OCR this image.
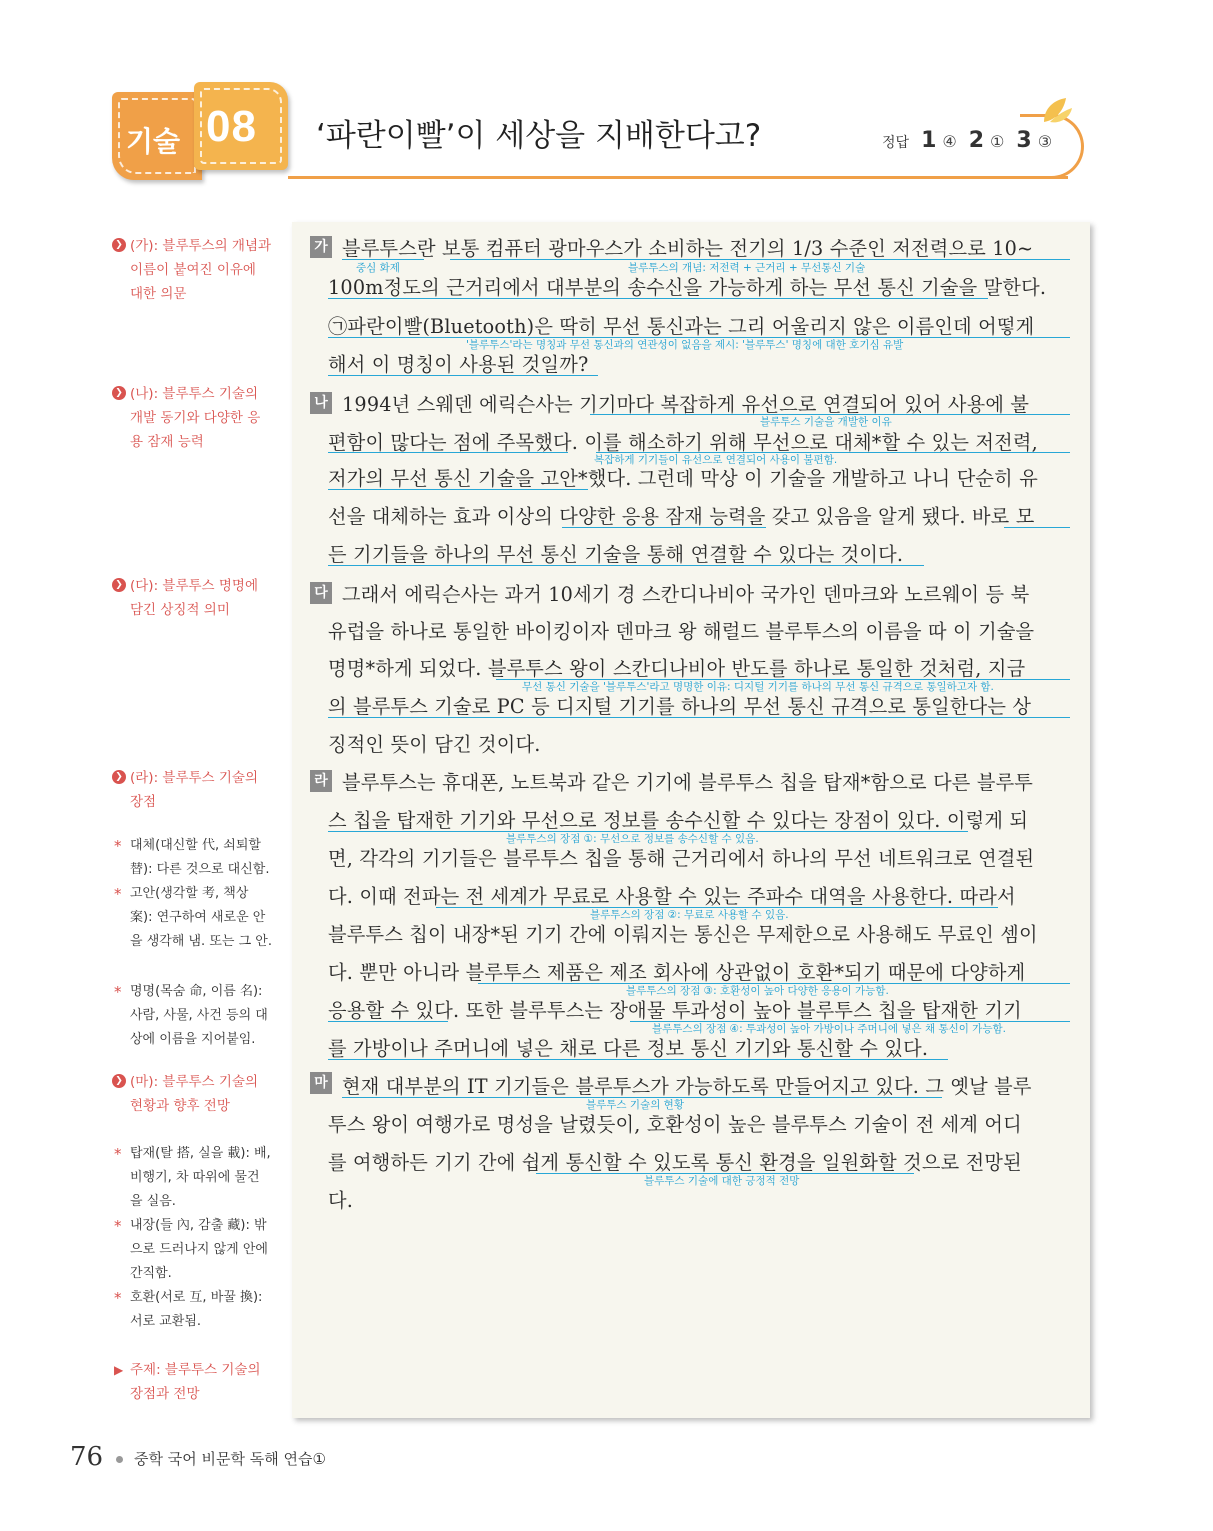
기술 08 ‘파란이빨’이 세상을 지배한다고?	정답 1 ④ 2 ① 3 ③
❯ (가): 블루투스의 개념과 이름이 붙여진 이유에 대한 의문
❯ (나): 블루투스 기술의 개발 동기와 다양한 응용 잠재 능력
❯ (다): 블루투스 명명에 담긴 상징적 의미
❯ (라): 블루투스 기술의 장점
* 대체(대신할 代, 쇠퇴할 替): 다른 것으로 대신함.
* 고안(생각할 考, 책상 案): 연구하여 새로운 안을 생각해 냄. 또는 그 안.
* 명명(목숨 命, 이름 名): 사람, 사물, 사건 등의 대상에 이름을 지어붙임.
❯ (마): 블루투스 기술의 현황과 향후 전망
* 탑재(탈 搭, 실을 載): 배, 비행기, 차 따위에 물건을 실음.
* 내장(들 內, 감출 藏): 밖으로 드러나지 않게 안에 간직함.
* 호환(서로 互, 바꿀 換): 서로 교환됨.
▶ 주제: 블루투스 기술의 장점과 전망
가
나
다
라
마
블루투스란 보통 컴퓨터 광마우스가 소비하는 전기의 1/3 수준인 저전력으로 10~
100m정도의 근거리에서 대부분의 송수신을 가능하게 하는 무선 통신 기술을 말한다.
㉠파란이빨(Bluetooth)은 딱히 무선 통신과는 그리 어울리지 않은 이름인데 어떻게
해서 이 명칭이 사용된 것일까?
1994년 스웨덴 에릭슨사는 기기마다 복잡하게 유선으로 연결되어 있어 사용에 불
편함이 많다는 점에 주목했다. 이를 해소하기 위해 무선으로 대체*할 수 있는 저전력,
저가의 무선 통신 기술을 고안*했다. 그런데 막상 이 기술을 개발하고 나니 단순히 유
선을 대체하는 효과 이상의 다양한 응용 잠재 능력을 갖고 있음을 알게 됐다. 바로 모
든 기기들을 하나의 무선 통신 기술을 통해 연결할 수 있다는 것이다.
그래서 에릭슨사는 과거 10세기 경 스칸디나비아 국가인 덴마크와 노르웨이 등 북
유럽을 하나로 통일한 바이킹이자 덴마크 왕 해럴드 블루투스의 이름을 따 이 기술을
명명*하게 되었다. 블루투스 왕이 스칸디나비아 반도를 하나로 통일한 것처럼, 지금
의 블루투스 기술로 PC 등 디지털 기기를 하나의 무선 통신 규격으로 통일한다는 상
징적인 뜻이 담긴 것이다.
블루투스는 휴대폰, 노트북과 같은 기기에 블루투스 칩을 탑재*함으로 다른 블루투
스 칩을 탑재한 기기와 무선으로 정보를 송수신할 수 있다는 장점이 있다. 이렇게 되
면, 각각의 기기들은 블루투스 칩을 통해 근거리에서 하나의 무선 네트워크로 연결된
다. 이때 전파는 전 세계가 무료로 사용할 수 있는 주파수 대역을 사용한다. 따라서
블루투스 칩이 내장*된 기기 간에 이뤄지는 통신은 무제한으로 사용해도 무료인 셈이
다. 뿐만 아니라 블루투스 제품은 제조 회사에 상관없이 호환*되기 때문에 다양하게
응용할 수 있다. 또한 블루투스는 장애물 투과성이 높아 블루투스 칩을 탑재한 기기
를 가방이나 주머니에 넣은 채로 다른 정보 통신 기기와 통신할 수 있다.
현재 대부분의 IT 기기들은 블루투스가 가능하도록 만들어지고 있다. 그 옛날 블루
투스 왕이 여행가로 명성을 날렸듯이, 호환성이 높은 블루투스 기술이 전 세계 어디
를 여행하든 기기 간에 쉽게 통신할 수 있도록 통신 환경을 일원화할 것으로 전망된
다.
중심 화제	블루투스의 개념: 저전력 + 근거리 + 무선통신 기술
'블루투스'라는 명칭과 무선 통신과의 연관성이 없음을 제시: '블루투스' 명칭에 대한 호기심 유발
블루투스 기술을 개발한 이유
복잡하게 기기들이 유선으로 연결되어 사용이 불편함.
무선 통신 기술을 '블루투스'라고 명명한 이유: 디지털 기기를 하나의 무선 통신 규격으로 통일하고자 함.
블루투스의 장점 ①: 무선으로 정보를 송수신할 수 있음.
블루투스의 장점 ②: 무료로 사용할 수 있음.
블루투스의 장점 ③: 호환성이 높아 다양한 응용이 가능함.
블루투스의 장점 ④: 투과성이 높아 가방이나 주머니에 넣은 채 통신이 가능함.
블루투스 기술의 현황
블루투스 기술에 대한 긍정적 전망
76 중학 국어 비문학 독해 연습①
